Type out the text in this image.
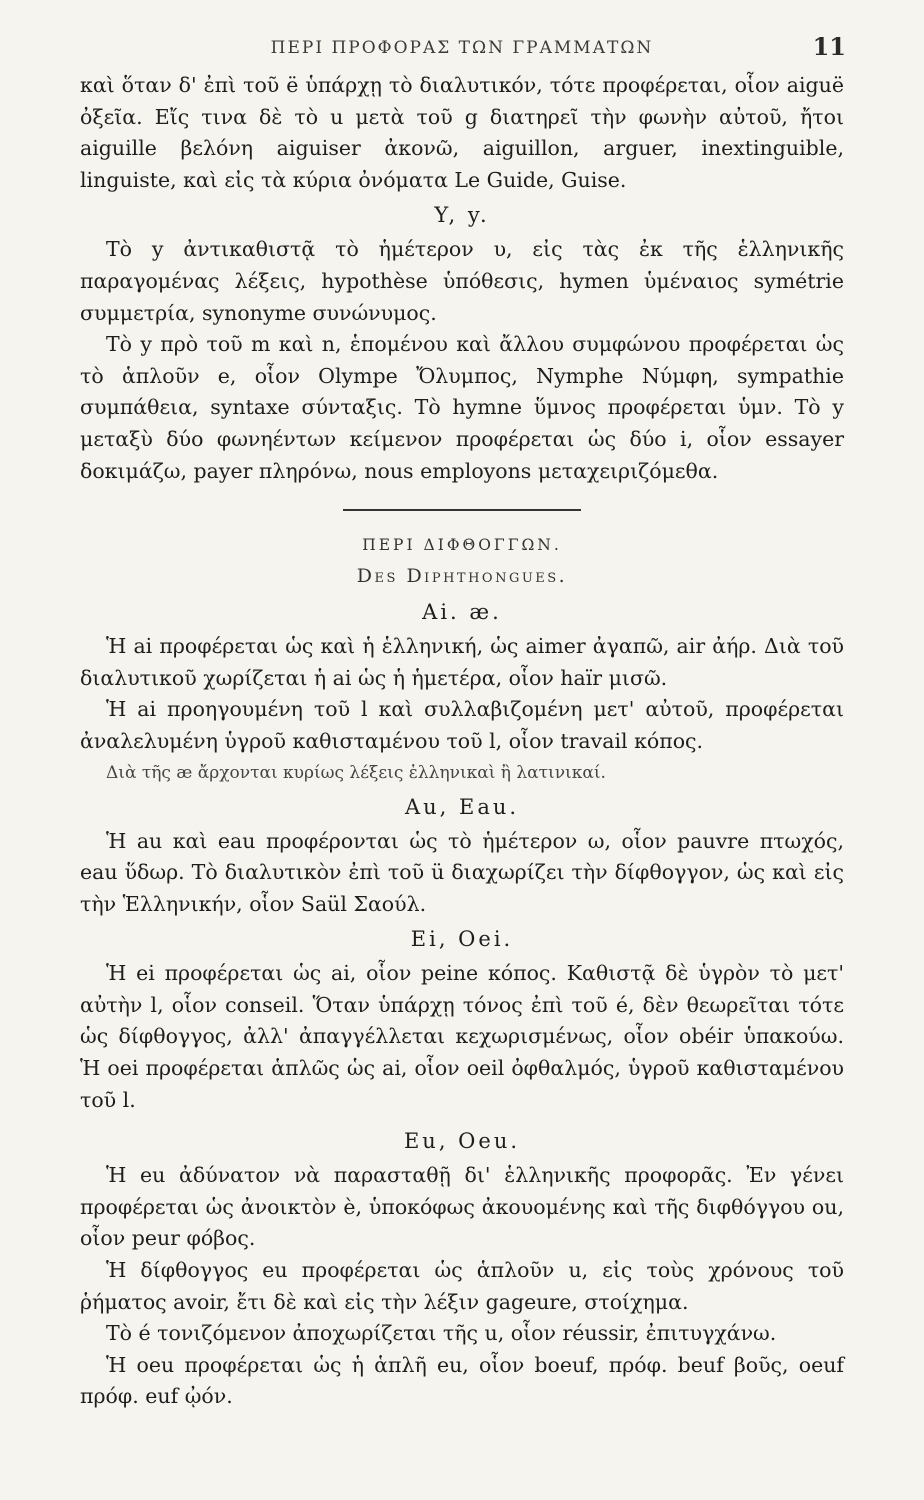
ΠΕΡΙ ΠΡΟΦΟΡΑΣ ΤΩΝ ΓΡΑΜΜΑΤΩΝ	11

καὶ ὅταν δ' ἐπὶ τοῦ ë ὑπάρχῃ τὸ διαλυτικόν, τότε προφέρεται, οἷον aiguë ὀξεῖα. Εἴς τινα δὲ τὸ u μετὰ τοῦ g διατηρεῖ τὴν φωνὴν αὐτοῦ, ἤτοι aiguille βελόνη aiguiser ἀκονῶ, aiguillon, arguer, inextinguible, linguiste, καὶ εἰς τὰ κύρια ὀνόματα Le Guide, Guise.

Y, y.

Τὸ y ἀντικαθιστᾷ τὸ ἡμέτερον υ, εἰς τὰς ἐκ τῆς ἑλληνικῆς παραγομένας λέξεις, hypothèse ὑπόθεσις, hymen ὑμέναιος symétrie συμμετρία, synonyme συνώνυμος.

Τὸ y πρὸ τοῦ m καὶ n, ἑπομένου καὶ ἄλλου συμφώνου προφέρεται ὡς τὸ ἁπλοῦν e, οἷον Olympe Ὄλυμπος, Nymphe Νύμφη, sympathie συμπάθεια, syntaxe σύνταξις. Τὸ hymne ὕμνος προφέρεται ὑμν. Τὸ y μεταξὺ δύο φωνηέντων κείμενον προφέρεται ὡς δύο i, οἷον essayer δοκιμάζω, payer πληρόνω, nous employons μεταχειριζόμεθα.

ΠΕΡΙ ΔΙΦΘΟΓΓΩΝ.
Des Diphthongues.
Ai. æ.

Ἡ ai προφέρεται ὡς καὶ ἡ ἑλληνική, ὡς aimer ἀγαπῶ, air ἀήρ. Διὰ τοῦ διαλυτικοῦ χωρίζεται ἡ ai ὡς ἡ ἡμετέρα, οἷον haïr μισῶ.

Ἡ ai προηγουμένη τοῦ l καὶ συλλαβιζομένη μετ' αὐτοῦ, προφέρεται ἀναλελυμένη ὑγροῦ καθισταμένου τοῦ l, οἷον travail κόπος.

Διὰ τῆς æ ἄρχονται κυρίως λέξεις ἑλληνικαὶ ἢ λατινικαί.

Au, Eau.

Ἡ au καὶ eau προφέρονται ὡς τὸ ἡμέτερον ω, οἷον pauvre πτωχός, eau ὕδωρ. Τὸ διαλυτικὸν ἐπὶ τοῦ ü διαχωρίζει τὴν δίφθογγον, ὡς καὶ εἰς τὴν Ἑλληνικήν, οἷον Saül Σαούλ.

Ei, Oei.

Ἡ ei προφέρεται ὡς ai, οἷον peine κόπος. Καθιστᾷ δὲ ὑγρὸν τὸ μετ' αὐτὴν l, οἷον conseil. Ὅταν ὑπάρχῃ τόνος ἐπὶ τοῦ é, δὲν θεωρεῖται τότε ὡς δίφθογγος, ἀλλ' ἀπαγγέλλεται κεχωρισμένως, οἷον obéir ὑπακούω. Ἡ oei προφέρεται ἁπλῶς ὡς ai, οἷον oeil ὀφθαλμός, ὑγροῦ καθισταμένου τοῦ l.

Eu, Oeu.

Ἡ eu ἀδύνατον νὰ παρασταθῇ δι' ἑλληνικῆς προφορᾶς. Ἐν γένει προφέρεται ὡς ἀνοικτὸν è, ὑποκόφως ἀκουομένης καὶ τῆς διφθόγγου ou, οἷον peur φόβος.

Ἡ δίφθογγος eu προφέρεται ὡς ἁπλοῦν u, εἰς τοὺς χρόνους τοῦ ῥήματος avoir, ἔτι δὲ καὶ εἰς τὴν λέξιν gageure, στοίχημα.

Τὸ é τονιζόμενον ἀποχωρίζεται τῆς u, οἷον réussir, ἐπιτυγχάνω.

Ἡ oeu προφέρεται ὡς ἡ ἁπλῆ eu, οἷον boeuf, πρόφ. beuf βοῦς, oeuf πρόφ. euf ᾠόν.
